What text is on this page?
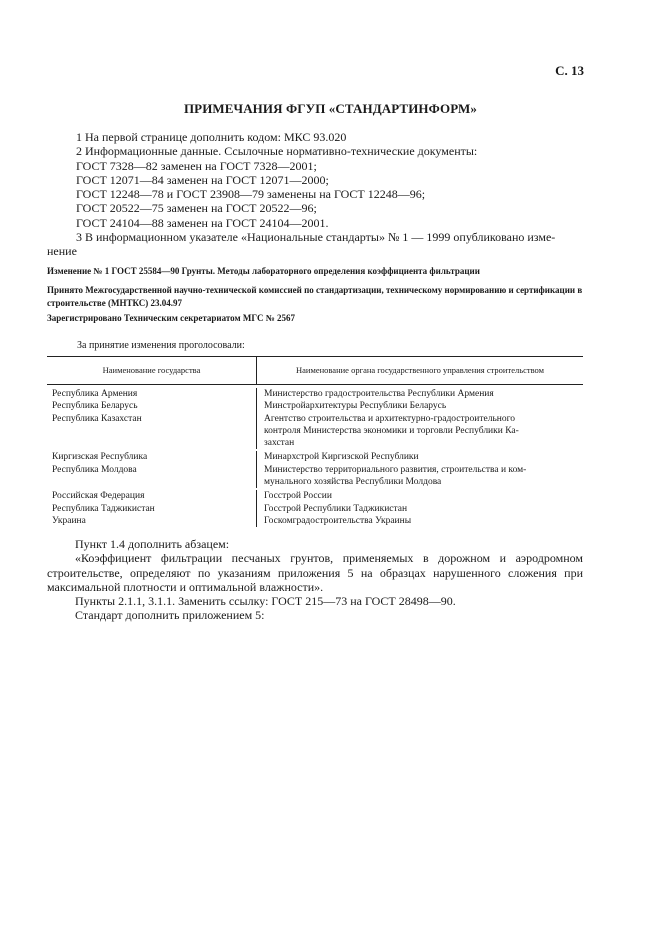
С. 13
ПРИМЕЧАНИЯ ФГУП «СТАНДАРТИНФОРМ»
1 На первой странице дополнить кодом: МКС 93.020
2 Информационные данные. Ссылочные нормативно-технические документы:
ГОСТ 7328—82 заменен на ГОСТ 7328—2001;
ГОСТ 12071—84 заменен на ГОСТ 12071—2000;
ГОСТ 12248—78 и ГОСТ 23908—79 заменены на ГОСТ 12248—96;
ГОСТ 20522—75 заменен на ГОСТ 20522—96;
ГОСТ 24104—88 заменен на ГОСТ 24104—2001.
3 В информационном указателе «Национальные стандарты» № 1 — 1999 опубликовано изме-
нение
Изменение № 1 ГОСТ 25584—90 Грунты. Методы лабораторного определения коэффициента фильтрации
Принято Межгосударственной научно-технической комиссией по стандартизации, техническому нормированию и сертификации в строительстве (МНТКС) 23.04.97
Зарегистрировано Техническим секретариатом МГС № 2567
За принятие изменения проголосовали:
Наименование государства	Наименование органа государственного управления строительством
Республика Армения	Министерство градостроительства Республики Армения
Республика Беларусь	Минстройархитектуры Республики Беларусь
Республика Казахстан	Агентство строительства и архитектурно-градостроительного
контроля Министерства экономики и торговли Республики Ка-
захстан
Киргизская Республика	Минархстрой Киргизской Республики
Республика Молдова	Министерство территориального развития, строительства и ком-
мунального хозяйства Республики Молдова
Российская Федерация	Госстрой России
Республика Таджикистан	Госстрой Республики Таджикистан
Украина	Госкомградостроительства Украины

Пункт 1.4 дополнить абзацем:

«Коэффициент фильтрации песчаных грунтов, применяемых в дорожном и аэродромном строительстве, определяют по указаниям приложения 5 на образцах нарушенного сложения при максимальной плотности и оптимальной влажности».

Пункты 2.1.1, 3.1.1. Заменить ссылку: ГОСТ 215—73 на ГОСТ 28498—90.

Стандарт дополнить приложением 5:
